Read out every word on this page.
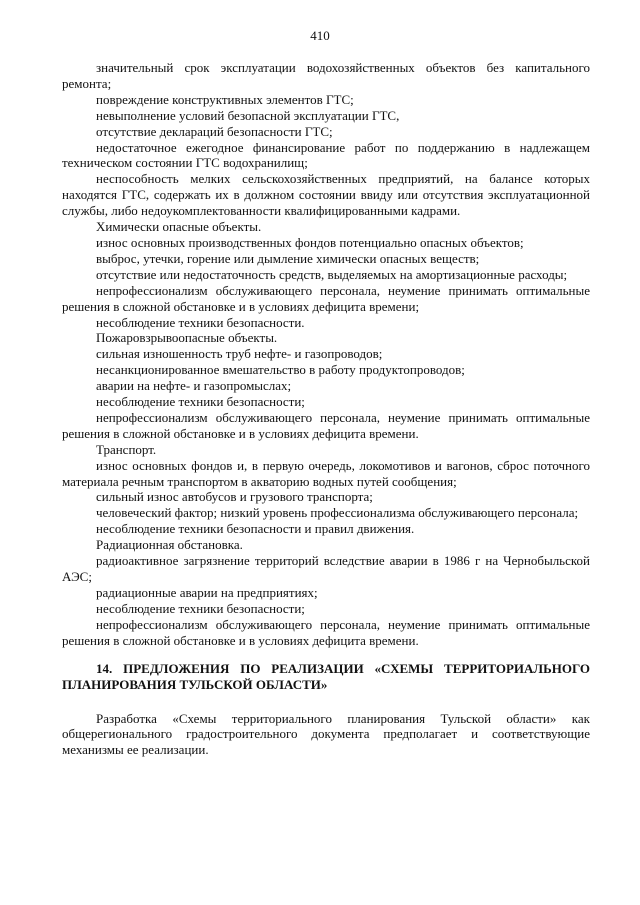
410

значительный срок эксплуатации водохозяйственных объектов без капитального ремонта;

повреждение конструктивных элементов ГТС;

невыполнение условий безопасной эксплуатации ГТС,

отсутствие деклараций безопасности ГТС;

недостаточное ежегодное финансирование работ по поддержанию в надлежащем техническом состоянии ГТС водохранилищ;

неспособность мелких сельскохозяйственных предприятий, на балансе которых находятся ГТС, содержать их в должном состоянии ввиду или отсутствия эксплуатационной службы, либо недоукомплектованности квалифицированными кадрами.

Химически опасные объекты.

износ основных производственных фондов потенциально опасных объектов;

выброс, утечки, горение или дымление химически опасных веществ;

отсутствие или недостаточность средств, выделяемых на амортизационные расходы;

непрофессионализм обслуживающего персонала, неумение принимать оптимальные решения в сложной обстановке и в условиях дефицита времени;

несоблюдение техники безопасности.

Пожаровзрывоопасные объекты.

сильная изношенность труб нефте- и газопроводов;

несанкционированное вмешательство в работу продуктопроводов;

аварии на нефте- и газопромыслах;

несоблюдение техники безопасности;

непрофессионализм обслуживающего персонала, неумение принимать оптимальные решения в сложной обстановке и в условиях дефицита времени.

Транспорт.

износ основных фондов и, в первую очередь, локомотивов и вагонов, сброс поточного материала речным транспортом в акваторию водных путей сообщения;

сильный износ автобусов и грузового транспорта;

человеческий фактор; низкий уровень профессионализма обслуживающего персонала;

несоблюдение техники безопасности и правил движения.

Радиационная обстановка.

радиоактивное загрязнение территорий вследствие аварии в 1986 г на Чернобыльской АЭС;

радиационные аварии на предприятиях;

несоблюдение техники безопасности;

непрофессионализм обслуживающего персонала, неумение принимать оптимальные решения в сложной обстановке и в условиях дефицита времени.

14. ПРЕДЛОЖЕНИЯ ПО РЕАЛИЗАЦИИ «СХЕМЫ ТЕРРИТОРИАЛЬНОГО ПЛАНИРОВАНИЯ ТУЛЬСКОЙ ОБЛАСТИ»

Разработка «Схемы территориального планирования Тульской области» как общерегионального градостроительного документа предполагает и соответствующие механизмы ее реализации.
